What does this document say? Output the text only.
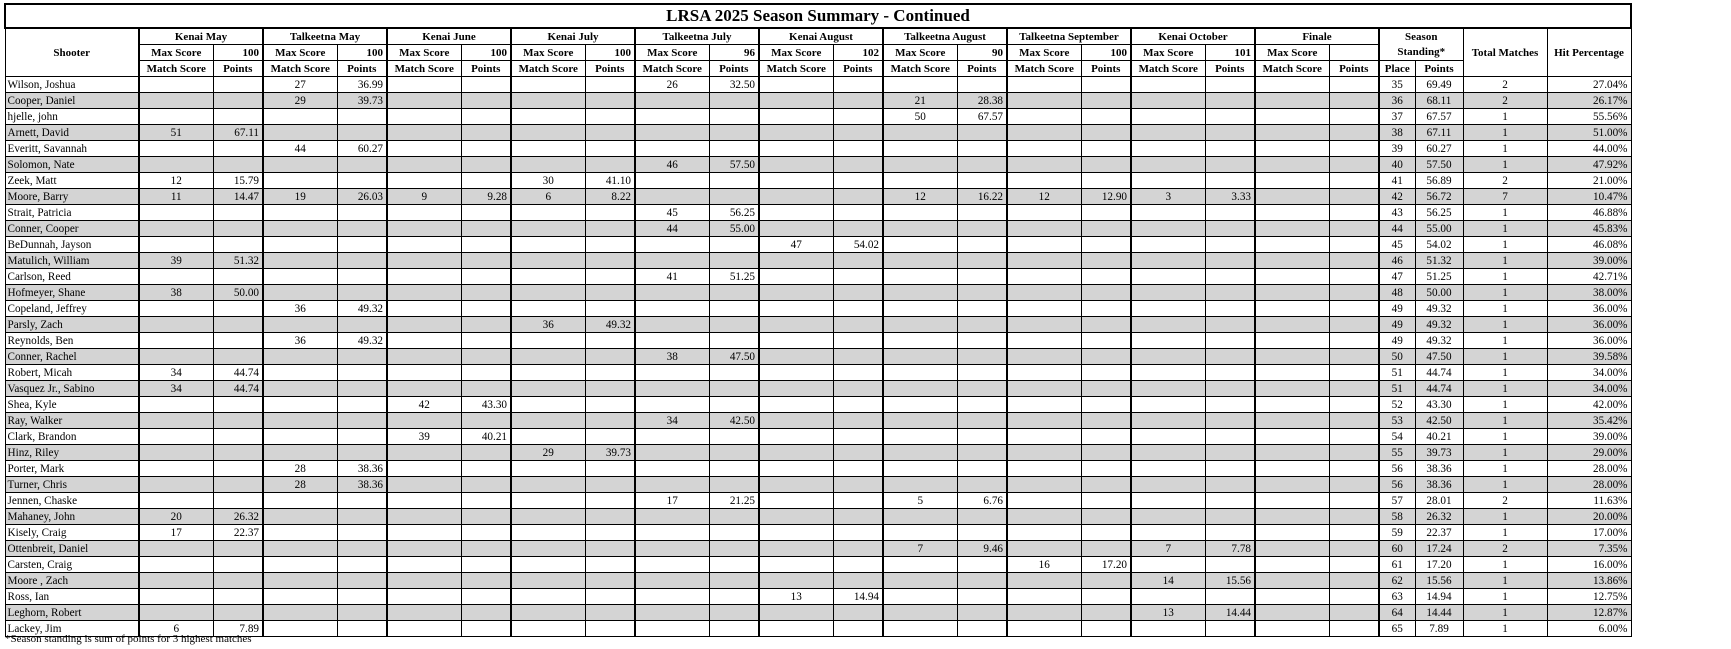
LRSA 2025 Season Summary - Continued																								
Shooter	Kenai May		Talkeetna May		Kenai June		Kenai July		Talkeetna July		Kenai August		Talkeetna August		Talkeetna September		Kenai October		Finale		Season Standing*		Total Matches	Hit Percentage
	Max Score	100	Max Score	100	Max Score	100	Max Score	100	Max Score	96	Max Score	102	Max Score	90	Max Score	100	Max Score	101	Max Score					
	Match Score	Points	Match Score	Points	Match Score	Points	Match Score	Points	Match Score	Points	Match Score	Points	Match Score	Points	Match Score	Points	Match Score	Points	Match Score	Points	Place	Points		
Wilson, Joshua			27	36.99					26	32.50											35	69.49	2	27.04%
Cooper, Daniel			29	39.73									21	28.38							36	68.11	2	26.17%
hjelle, john													50	67.57							37	67.57	1	55.56%
Arnett, David	51	67.11																			38	67.11	1	51.00%
Everitt, Savannah			44	60.27																	39	60.27	1	44.00%
Solomon, Nate									46	57.50											40	57.50	1	47.92%
Zeek, Matt	12	15.79					30	41.10													41	56.89	2	21.00%
Moore, Barry	11	14.47	19	26.03	9	9.28	6	8.22					12	16.22	12	12.90	3	3.33			42	56.72	7	10.47%
Strait, Patricia									45	56.25											43	56.25	1	46.88%
Conner, Cooper									44	55.00											44	55.00	1	45.83%
BeDunnah, Jayson											47	54.02									45	54.02	1	46.08%
Matulich, William	39	51.32																			46	51.32	1	39.00%
Carlson, Reed									41	51.25											47	51.25	1	42.71%
Hofmeyer, Shane	38	50.00																			48	50.00	1	38.00%
Copeland, Jeffrey			36	49.32																	49	49.32	1	36.00%
Parsly, Zach							36	49.32													49	49.32	1	36.00%
Reynolds, Ben			36	49.32																	49	49.32	1	36.00%
Conner, Rachel									38	47.50											50	47.50	1	39.58%
Robert, Micah	34	44.74																			51	44.74	1	34.00%
Vasquez Jr., Sabino	34	44.74																			51	44.74	1	34.00%
Shea, Kyle					42	43.30															52	43.30	1	42.00%
Ray, Walker									34	42.50											53	42.50	1	35.42%
Clark, Brandon					39	40.21															54	40.21	1	39.00%
Hinz, Riley							29	39.73													55	39.73	1	29.00%
Porter, Mark			28	38.36																	56	38.36	1	28.00%
Turner, Chris			28	38.36																	56	38.36	1	28.00%
Jennen, Chaske									17	21.25			5	6.76							57	28.01	2	11.63%
Mahaney, John	20	26.32																			58	26.32	1	20.00%
Kisely, Craig	17	22.37																			59	22.37	1	17.00%
Ottenbreit, Daniel													7	9.46			7	7.78			60	17.24	2	7.35%
Carsten, Craig															16	17.20					61	17.20	1	16.00%
Moore , Zach																	14	15.56			62	15.56	1	13.86%
Ross, Ian											13	14.94									63	14.94	1	12.75%
Leghorn, Robert																	13	14.44			64	14.44	1	12.87%
Lackey, Jim	6	7.89																			65	7.89	1	6.00%
*Season standing is sum of points for 3 highest matches
